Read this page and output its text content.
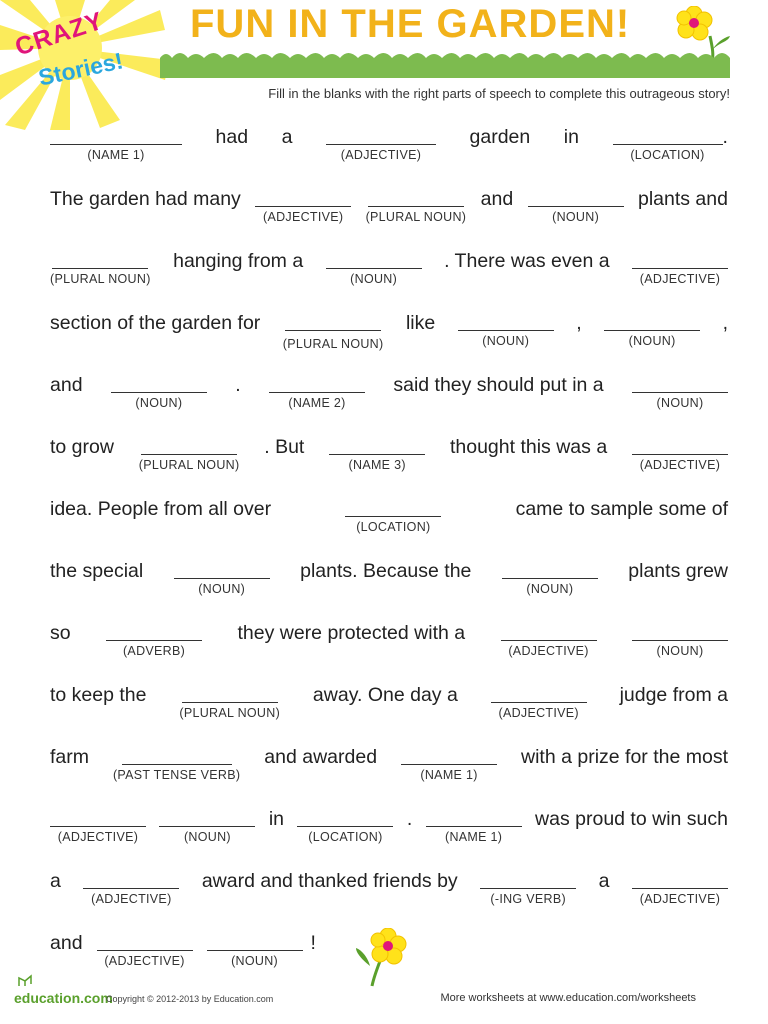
CRAZY
Stories!
FUN IN THE GARDEN!

Fill in the blanks with the right parts of speech to complete this outrageous story!

(NAME 1)
had a
(ADJECTIVE)
garden in
(LOCATION)
.
The garden had many
(ADJECTIVE) (PLURAL NOUN)
and
(NOUN)
plants and
(PLURAL NOUN)
hanging from a
(NOUN)
. There was even a
(ADJECTIVE)
section of the garden for
(PLURAL NOUN)
like
(NOUN)
,
(NOUN)
,
and
(NOUN)
.
(NAME 2)
said they should put in a
(NOUN)
to grow
(PLURAL NOUN)
. But
(NAME 3)
thought this was a
(ADJECTIVE)
idea. People from all over
(LOCATION)
came to sample some of
the special
(NOUN)
plants. Because the
(NOUN)
plants grew
so
(ADVERB)
they were protected with a
(ADJECTIVE)	(NOUN)
to keep the
(PLURAL NOUN)
away. One day a
(ADJECTIVE)
judge from a
farm
(PAST TENSE VERB)
and awarded
(NAME 1)
with a prize for the most
(ADJECTIVE)	(NOUN)
in
(LOCATION)
.
(NAME 1)
was proud to win such
a
(ADJECTIVE)
award and thanked friends by
(-ING VERB)
a
(ADJECTIVE)
and
(ADJECTIVE)	(NOUN)
!
education.com
Copyright © 2012-2013 by Education.com	More worksheets at www.education.com/worksheets
